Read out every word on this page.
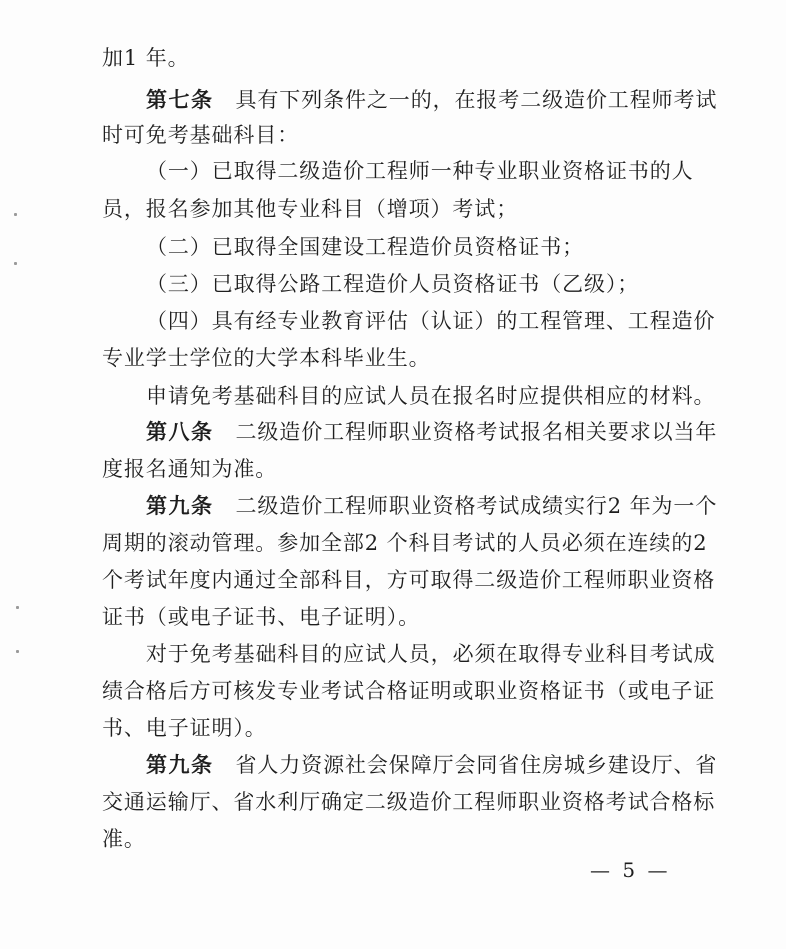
加1 年。
第七条 具有下列条件之一的，在报考二级造价工程师考试
时可免考基础科目：
（一）已取得二级造价工程师一种专业职业资格证书的人
员，报名参加其他专业科目（增项）考试；
（二）已取得全国建设工程造价员资格证书；
（三）已取得公路工程造价人员资格证书（乙级）；
（四）具有经专业教育评估（认证）的工程管理、工程造价
专业学士学位的大学本科毕业生。
申请免考基础科目的应试人员在报名时应提供相应的材料。
第八条 二级造价工程师职业资格考试报名相关要求以当年
度报名通知为准。
第九条 二级造价工程师职业资格考试成绩实行2 年为一个
周期的滚动管理。参加全部2 个科目考试的人员必须在连续的2
个考试年度内通过全部科目，方可取得二级造价工程师职业资格
证书（或电子证书、电子证明）。
对于免考基础科目的应试人员，必须在取得专业科目考试成
绩合格后方可核发专业考试合格证明或职业资格证书（或电子证
书、电子证明）。
第九条 省人力资源社会保障厅会同省住房城乡建设厅、省
交通运输厅、省水利厅确定二级造价工程师职业资格考试合格标
准。
— 5 —
